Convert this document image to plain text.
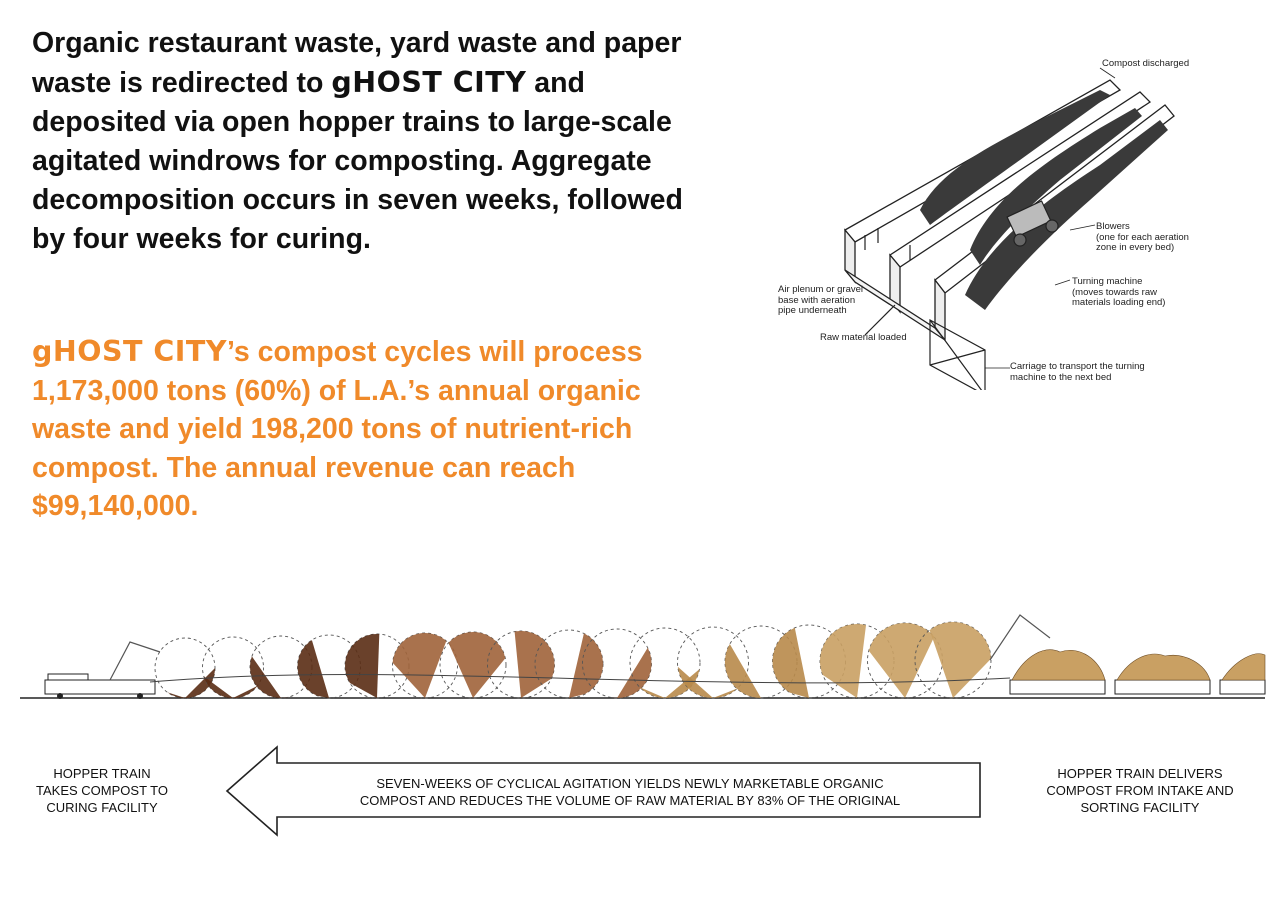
Organic restaurant waste, yard waste and paper waste is redirected to gHOST CITY and deposited via open hopper trains to large-scale agitated windrows for composting. Aggregate decomposition occurs in seven weeks, followed by four weeks for curing.
gHOST CITY’s compost cycles will process 1,173,000 tons (60%) of L.A.’s annual organic waste and yield 198,200 tons of nutrient-rich compost. The annual revenue can reach $99,140,000.
Compost discharged
Blowers
(one for each aeration
zone in every bed)
Turning machine
(moves towards raw
materials loading end)
Air plenum or gravel
base with aeration
pipe underneath
Raw material loaded
Carriage to transport the turning
machine to the next bed
HOPPER TRAIN
TAKES COMPOST TO
CURING FACILITY
SEVEN-WEEKS OF CYCLICAL AGITATION YIELDS NEWLY MARKETABLE ORGANIC
COMPOST AND REDUCES THE VOLUME OF RAW MATERIAL BY 83% OF THE ORIGINAL
HOPPER TRAIN DELIVERS
COMPOST FROM INTAKE AND
SORTING FACILITY
